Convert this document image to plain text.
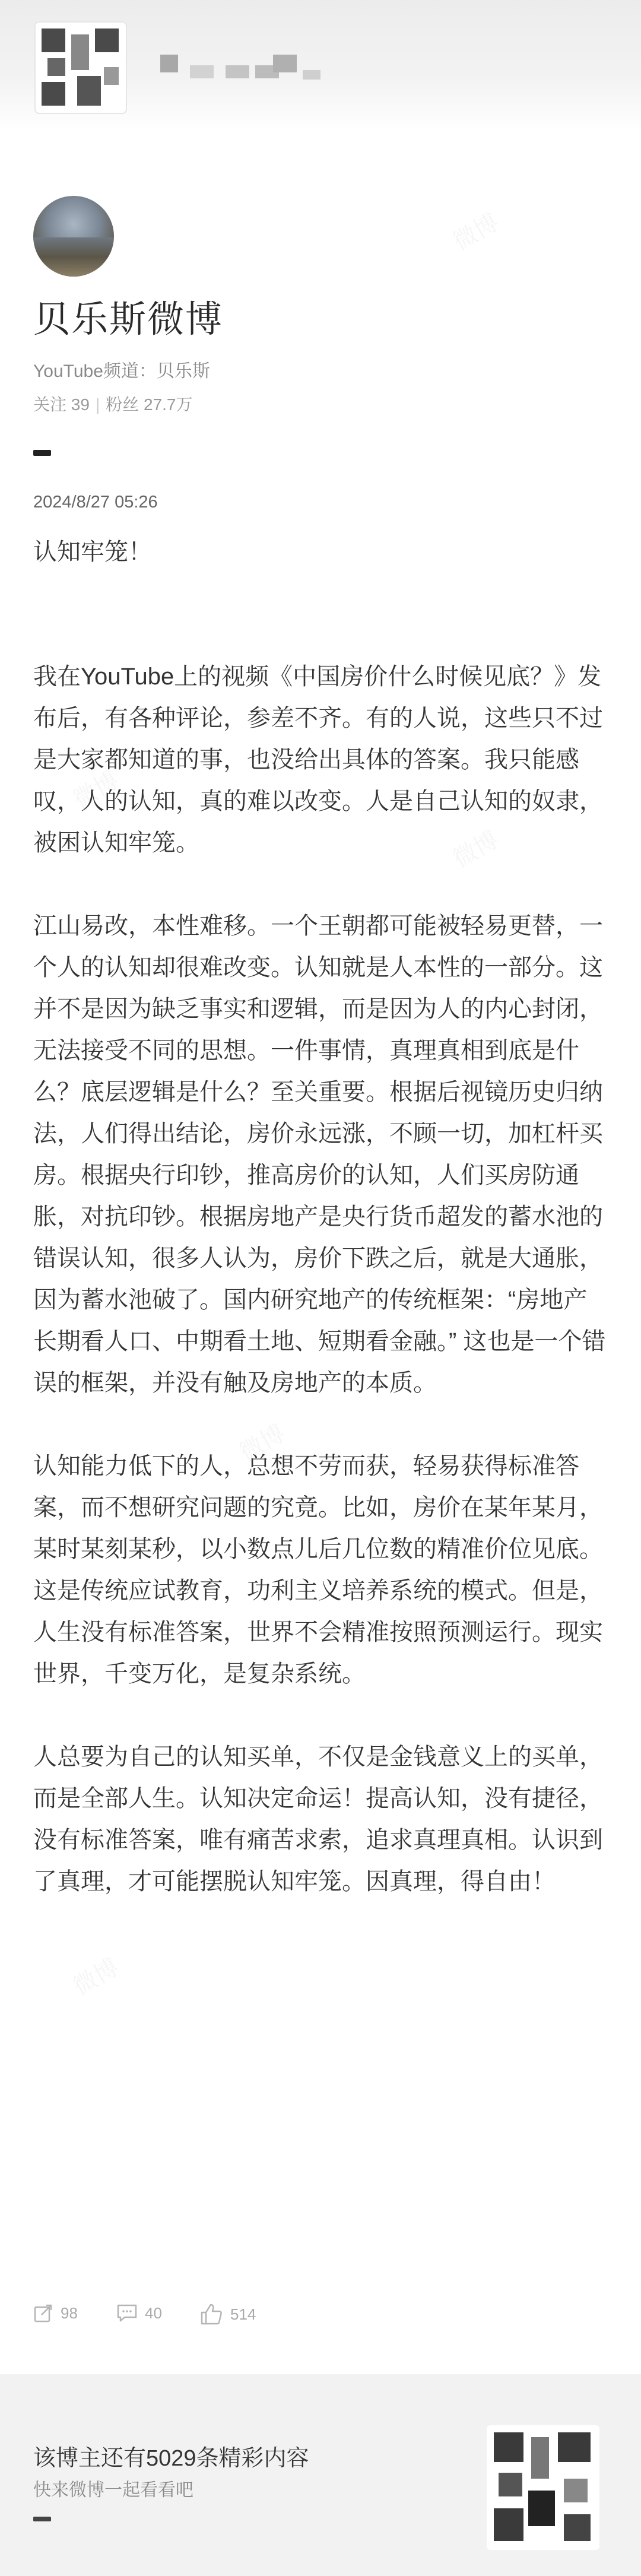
贝乐斯微博
YouTube频道：贝乐斯
关注 39 | 粉丝 27.7万
2024/8/27 05:26

认知牢笼！

我在YouTube上的视频《中国房价什么时候见底？》发布后，有各种评论，参差不齐。有的人说，这些只不过是大家都知道的事，也没给出具体的答案。我只能感叹，人的认知，真的难以改变。人是自己认知的奴隶，被困认知牢笼。

江山易改，本性难移。一个王朝都可能被轻易更替，一个人的认知却很难改变。认知就是人本性的一部分。这并不是因为缺乏事实和逻辑，而是因为人的内心封闭，无法接受不同的思想。一件事情，真理真相到底是什么？底层逻辑是什么？至关重要。根据后视镜历史归纳法，人们得出结论，房价永远涨，不顾一切，加杠杆买房。根据央行印钞，推高房价的认知，人们买房防通胀，对抗印钞。根据房地产是央行货币超发的蓄水池的错误认知，很多人认为，房价下跌之后，就是大通胀，因为蓄水池破了。国内研究地产的传统框架：“房地产长期看人口、中期看土地、短期看金融。” 这也是一个错误的框架，并没有触及房地产的本质。

认知能力低下的人，总想不劳而获，轻易获得标准答案，而不想研究问题的究竟。比如，房价在某年某月，某时某刻某秒，以小数点儿后几位数的精准价位见底。这是传统应试教育，功利主义培养系统的模式。但是，人生没有标准答案，世界不会精准按照预测运行。现实世界，千变万化，是复杂系统。

人总要为自己的认知买单，不仅是金钱意义上的买单，而是全部人生。认知决定命运！提高认知，没有捷径，没有标准答案，唯有痛苦求索，追求真理真相。认识到了真理，才可能摆脱认知牢笼。因真理，得自由！

98	40	514
该博主还有5029条精彩内容
快来微博一起看看吧
